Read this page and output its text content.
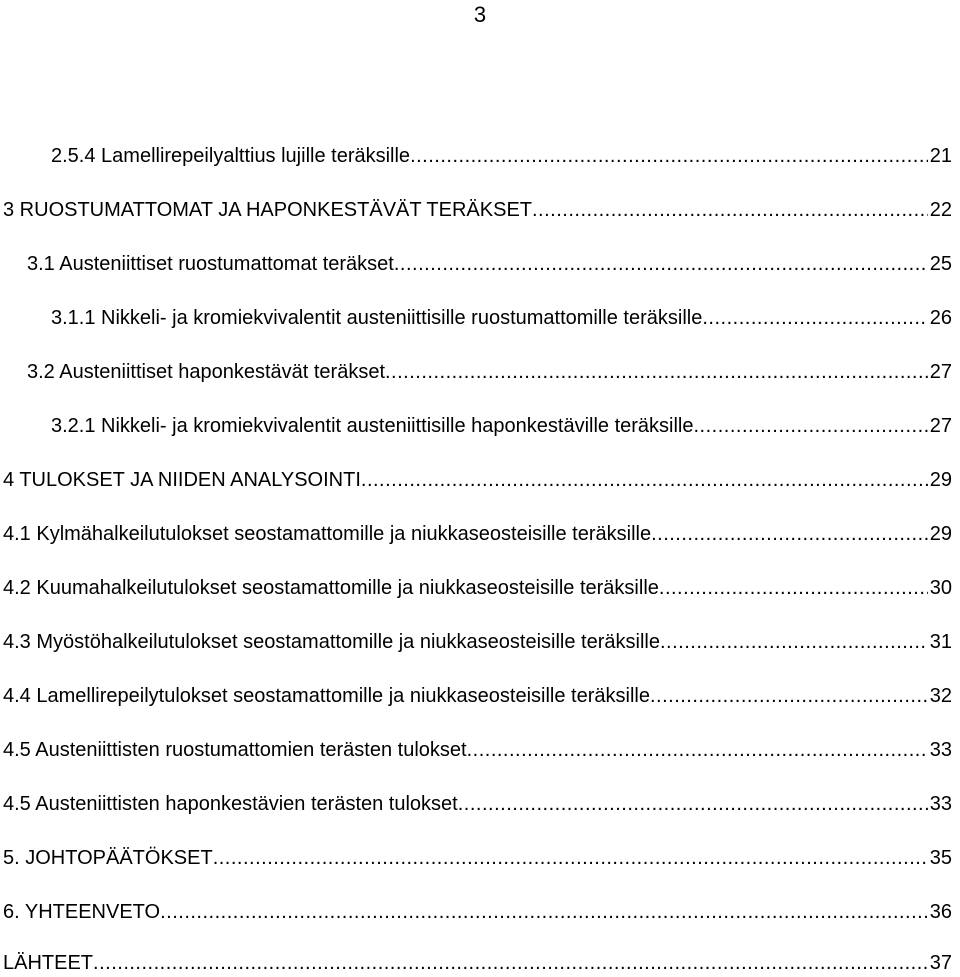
3
2.5.4 Lamellirepeilyalttius lujille teräksille .....	21
3 RUOSTUMATTOMAT JA HAPONKESTÄVÄT TERÄKSET .....	22
3.1 Austeniittiset ruostumattomat teräkset .....	25
3.1.1 Nikkeli- ja kromiekvivalentit austeniittisille ruostumattomille teräksille .....	26
3.2 Austeniittiset haponkestävät teräkset .....	27
3.2.1 Nikkeli- ja kromiekvivalentit austeniittisille haponkestäville teräksille .....	27
4 TULOKSET JA NIIDEN ANALYSOINTI .....	29
4.1 Kylmähalkeilutulokset seostamattomille ja niukkaseosteisille teräksille .....	29
4.2 Kuumahalkeilutulokset seostamattomille ja niukkaseosteisille teräksille .....	30
4.3 Myöstöhalkeilutulokset seostamattomille ja niukkaseosteisille teräksille .....	31
4.4 Lamellirepeilytulokset seostamattomille ja niukkaseosteisille teräksille .....	32
4.5 Austeniittisten ruostumattomien terästen tulokset .....	33
4.5 Austeniittisten haponkestävien terästen tulokset .....	33
5. JOHTOPÄÄTÖKSET .....	35
6. YHTEENVETO .....	36
LÄHTEET .....	37
